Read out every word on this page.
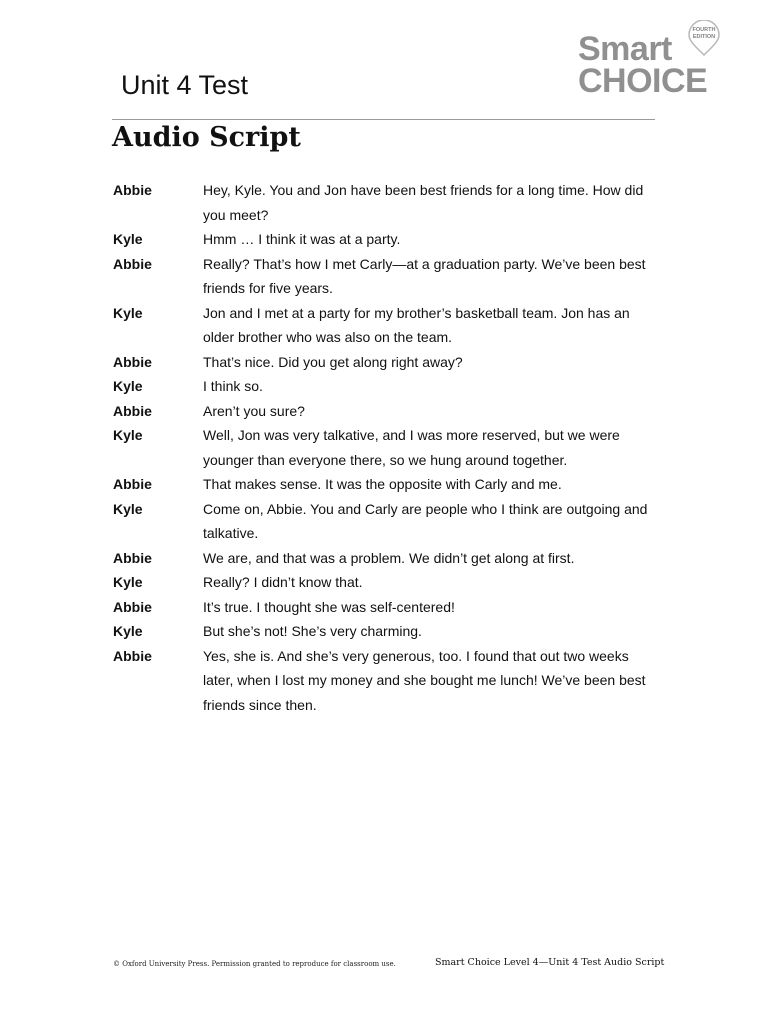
Unit 4 Test
FOURTH EDITION
Smart
CHOICE
Audio Script
Abbie	Hey, Kyle. You and Jon have been best friends for a long time. How did you meet?
Kyle	Hmm … I think it was at a party.
Abbie	Really? That’s how I met Carly—at a graduation party. We’ve been best friends for five years.
Kyle	Jon and I met at a party for my brother’s basketball team. Jon has an older brother who was also on the team.
Abbie	That’s nice. Did you get along right away?
Kyle	I think so.
Abbie	Aren’t you sure?
Kyle	Well, Jon was very talkative, and I was more reserved, but we were younger than everyone there, so we hung around together.
Abbie	That makes sense. It was the opposite with Carly and me.
Kyle	Come on, Abbie. You and Carly are people who I think are outgoing and talkative.
Abbie	We are, and that was a problem. We didn’t get along at first.
Kyle	Really? I didn’t know that.
Abbie	It’s true. I thought she was self-centered!
Kyle	But she’s not! She’s very charming.
Abbie	Yes, she is. And she’s very generous, too. I found that out two weeks later, when I lost my money and she bought me lunch! We’ve been best friends since then.
© Oxford University Press. Permission granted to reproduce for classroom use.	Smart Choice Level 4—Unit 4 Test Audio Script
